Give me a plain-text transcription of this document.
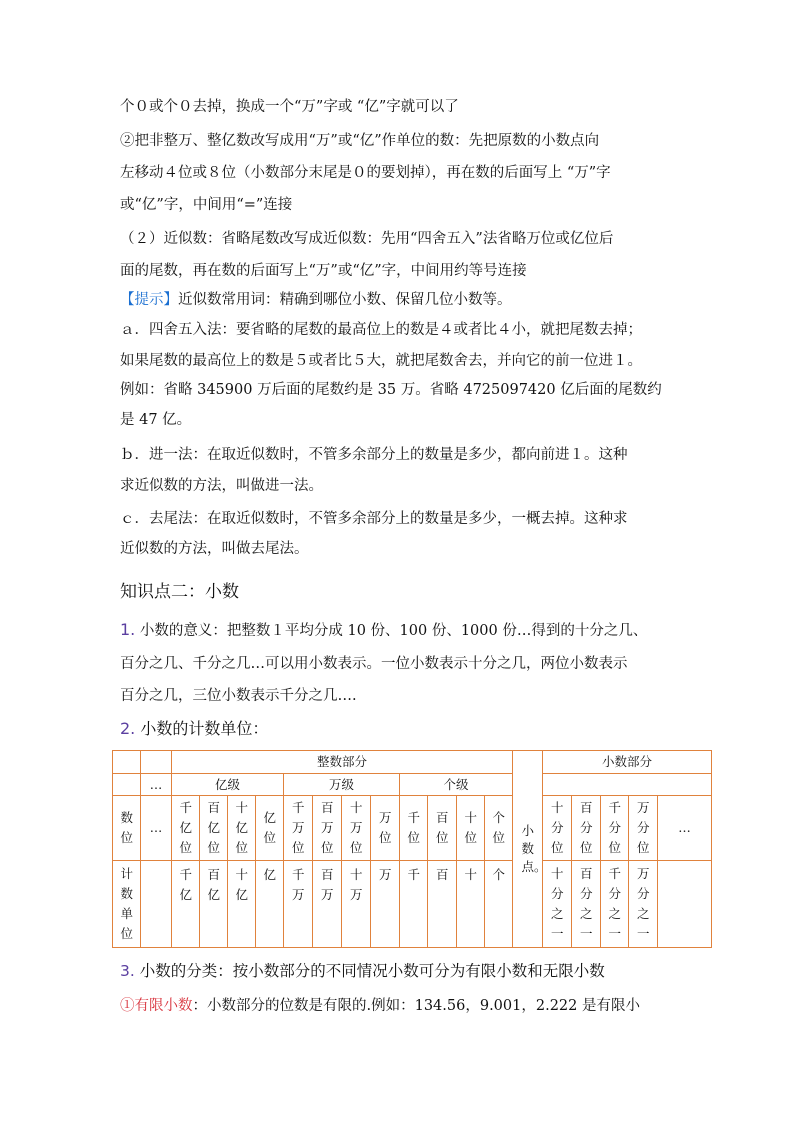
个０或个０去掉，换成一个“万”字或 “亿”字就可以了
②把非整万、整亿数改写成用“万”或“亿”作单位的数：先把原数的小数点向
左移动４位或８位（小数部分末尾是０的要划掉），再在数的后面写上 “万”字
或“亿”字，中间用“=”连接
（２）近似数：省略尾数改写成近似数：先用“四舍五入”法省略万位或亿位后
面的尾数，再在数的后面写上“万”或“亿”字，中间用约等号连接
【提示】近似数常用词：精确到哪位小数、保留几位小数等。
ａ．四舍五入法：要省略的尾数的最高位上的数是４或者比４小，就把尾数去掉；
如果尾数的最高位上的数是５或者比５大，就把尾数舍去，并向它的前一位进１。
例如：省略 345900 万后面的尾数约是 35 万。省略 4725097420 亿后面的尾数约
是 47 亿。
ｂ．进一法：在取近似数时，不管多余部分上的数量是多少，都向前进１。这种
求近似数的方法，叫做进一法。
ｃ．去尾法：在取近似数时，不管多余部分上的数量是多少，一概去掉。这种求
近似数的方法，叫做去尾法。
知识点二：小数
1. 小数的意义：把整数１平均分成 10 份、100 份、1000 份…得到的十分之几、
百分之几、千分之几…可以用小数表示。一位小数表示十分之几，两位小数表示
百分之几，三位小数表示千分之几….
2. 小数的计数单位：
		整数部分												小数点。	小数部分				
	…	亿级				万级				个级									

数位	…	千亿位	百亿位	十亿位	亿位	千万位	百万位	十万位	万位	千位	百位	十位	个位		十分位	百分位	千分位	万分位	…

计数单位		千亿	百亿	十亿	亿	千万	百万	十万	万	千	百	十	个		十分之一	百分之一	千分之一	万分之一	

3. 小数的分类：按小数部分的不同情况小数可分为有限小数和无限小数
①有限小数：小数部分的位数是有限的.例如：134.56，9.001，2.222 是有限小
